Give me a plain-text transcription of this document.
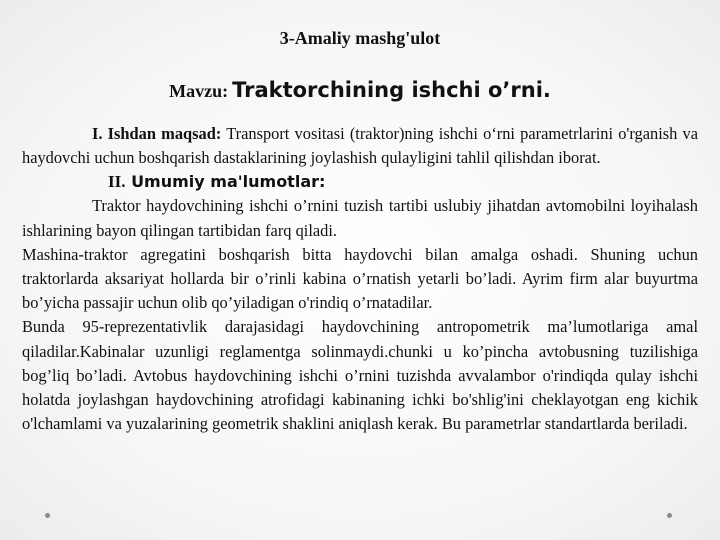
3-Amaliy mashg'ulot
Mavzu: Traktorchining ishchi o’rni.

I. Ishdan maqsad: Transport vositasi (traktor)ning ishchi o‘rni parametrlarini o'rganish va haydovchi uchun boshqarish dastaklarining joylashish qulayligini tahlil qilishdan iborat.

II. Umumiy ma'lumotlar:

Traktor haydovchining ishchi o’rnini tuzish tartibi uslubiy jihatdan avtomobilni loyihalash ishlarining bayon qilingan tartibidan farq qiladi.

Mashina-traktor agregatini boshqarish bitta haydovchi bilan amalga oshadi. Shuning uchun traktorlarda aksariyat hollarda bir o’rinli kabina o’rnatish yetarli bo’ladi. Ayrim firm alar buyurtma bo’yicha passajir uchun olib qo’yiladigan o'rindiq o’rnatadilar.

Bunda 95-reprezentativlik darajasidagi haydovchining antropometrik ma’lumotlariga amal qiladilar.Kabinalar uzunligi reglamentga solinmaydi.chunki u ko’pincha avtobusning tuzilishiga bog’liq bo’ladi. Avtobus haydovchining ishchi o’rnini tuzishda avvalambor o'rindiqda qulay ishchi holatda joylashgan haydovchining atrofidagi kabinaning ichki bo'shlig'ini cheklayotgan eng kichik o'lchamlami va yuzalarining geometrik shaklini aniqlash kerak. Bu parametrlar standartlarda beriladi.
